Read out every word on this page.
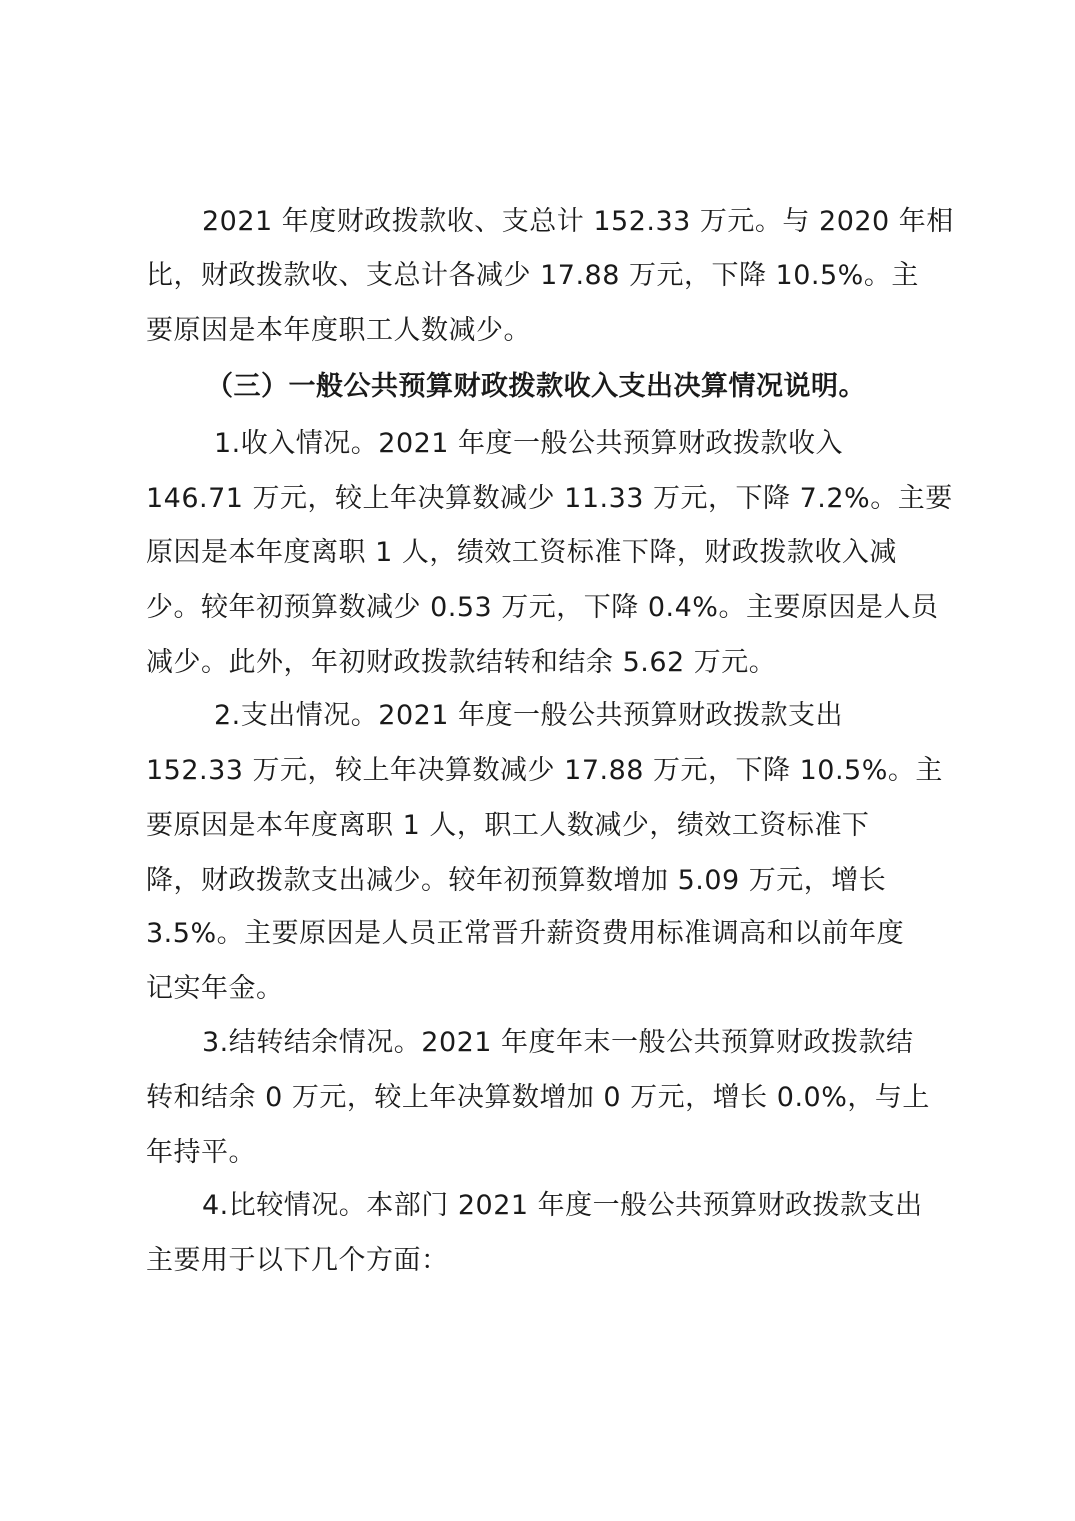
2021 年度财政拨款收、支总计 152.33 万元。与 2020 年相
比，财政拨款收、支总计各减少 17.88 万元，下降 10.5%。主
要原因是本年度职工人数减少。
（三）一般公共预算财政拨款收入支出决算情况说明。
1.收入情况。2021 年度一般公共预算财政拨款收入
146.71 万元，较上年决算数减少 11.33 万元，下降 7.2%。主要
原因是本年度离职 1 人，绩效工资标准下降，财政拨款收入减
少。较年初预算数减少 0.53 万元，下降 0.4%。主要原因是人员
减少。此外，年初财政拨款结转和结余 5.62 万元。
2.支出情况。2021 年度一般公共预算财政拨款支出
152.33 万元，较上年决算数减少 17.88 万元，下降 10.5%。主
要原因是本年度离职 1 人，职工人数减少，绩效工资标准下
降，财政拨款支出减少。较年初预算数增加 5.09 万元，增长
3.5%。主要原因是人员正常晋升薪资费用标准调高和以前年度
记实年金。
3.结转结余情况。2021 年度年末一般公共预算财政拨款结
转和结余 0 万元，较上年决算数增加 0 万元，增长 0.0%，与上
年持平。
4.比较情况。本部门 2021 年度一般公共预算财政拨款支出
主要用于以下几个方面：
